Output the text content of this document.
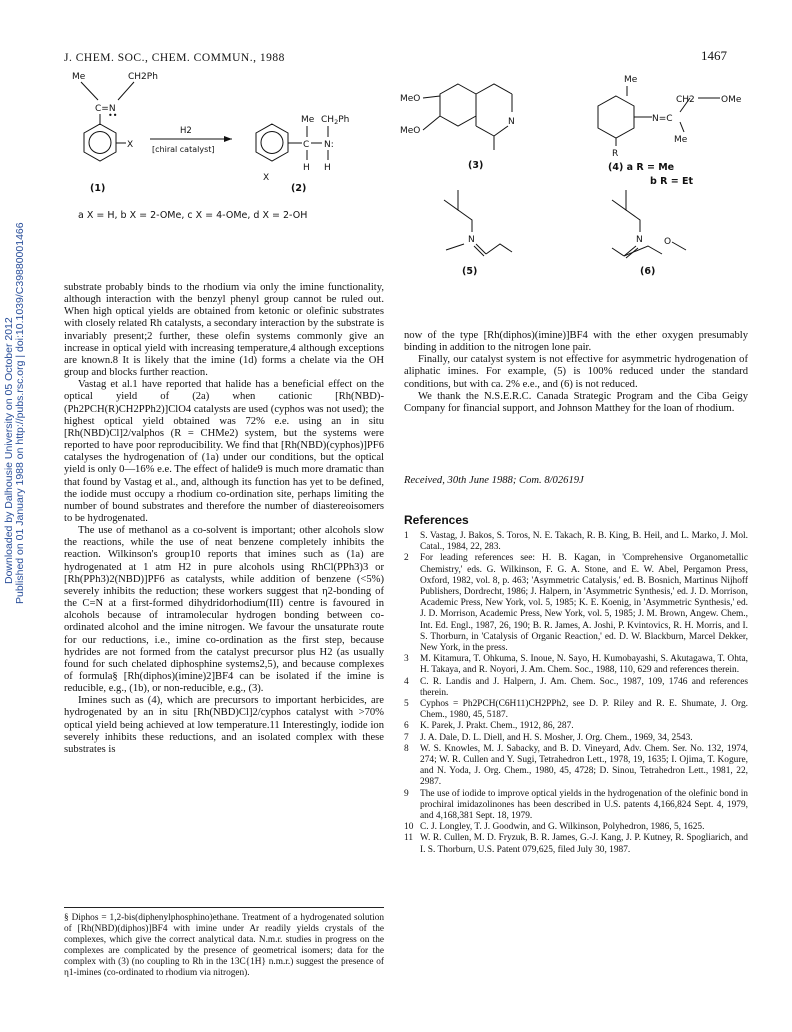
Downloaded by Dalhousie University on 05 October 2012 Published on 01 January 1988 on http://pubs.rsc.org | doi:10.1039/C39880001466
J. CHEM. SOC., CHEM. COMMUN., 1988	1467
Me	CH2Ph
C=N
••
X
(1)
H2
[chiral catalyst]	C N:
Me $CH_2Ph$
H H
X
(2)
a X = H, b X = 2-OMe, c X = 4-OMe, d X = 2-OH
MeO
MeO
N
(3)
Me
N=C
CH2	OMe
Me
R
(4) a R = Me
b R = Et
N
(5)
N O
(6)

substrate probably binds to the rhodium via only the imine functionality, although interaction with the benzyl phenyl group cannot be ruled out. When high optical yields are obtained from ketonic or olefinic substrates with closely related Rh catalysts, a secondary interaction by the substrate is invariably present;2 further, these olefin systems commonly give an increase in optical yield with increasing temperature,4 although exceptions are known.8 It is likely that the imine (1d) forms a chelate via the OH group and blocks further reaction.

Vastag et al.1 have reported that halide has a beneficial effect on the optical yield of (2a) when cationic [Rh(NBD)-(Ph2PCH(R)CH2PPh2)]ClO4 catalysts are used (cyphos was not used); the highest optical yield obtained was 72% e.e. using an in situ [Rh(NBD)Cl]2/valphos (R = CHMe2) system, but the systems were reported to have poor reproducibility. We find that [Rh(NBD)(cyphos)]PF6 catalyses the hydrogenation of (1a) under our conditions, but the optical yield is only 0—16% e.e. The effect of halide9 is much more dramatic than that found by Vastag et al., and, although its function has yet to be defined, the iodide must occupy a rhodium co-ordination site, perhaps limiting the number of bound substrates and therefore the number of diastereoisomers to be hydrogenated.

The use of methanol as a co-solvent is important; other alcohols slow the reactions, while the use of neat benzene completely inhibits the reaction. Wilkinson's group10 reports that imines such as (1a) are hydrogenated at 1 atm H2 in pure alcohols using RhCl(PPh3)3 or [Rh(PPh3)2(NBD)]PF6 as catalysts, while addition of benzene (<5%) severely inhibits the reduction; these workers suggest that η2-bonding of the C=N at a first-formed dihydridorhodium(III) centre is favoured in alcohols because of intramolecular hydrogen bonding between co-ordinated alcohol and the imine nitrogen. We favour the unsaturate route for our reductions, i.e., imine co-ordination as the first step, because hydrides are not formed from the catalyst precursor plus H2 (as usually found for such chelated diphosphine systems2,5), and because complexes of formula§ [Rh(diphos)(imine)2]BF4 can be isolated if the imine is reducible, e.g., (1b), or non-reducible, e.g., (3).

Imines such as (4), which are precursors to important herbicides, are hydrogenated by an in situ [Rh(NBD)Cl]2/cyphos catalyst with >70% optical yield being achieved at low temperature.11 Interestingly, iodide ion severely inhibits these reductions, and an isolated complex with these substrates is

§ Diphos = 1,2-bis(diphenylphosphino)ethane. Treatment of a hydrogenated solution of [Rh(NBD)(diphos)]BF4 with imine under Ar readily yields crystals of the complexes, which give the correct analytical data. N.m.r. studies in progress on the complexes are complicated by the presence of geometrical isomers; data for the complex with (3) (no coupling to Rh in the 13C{1H} n.m.r.) suggest the presence of η1-imines (co-ordinated to rhodium via nitrogen).

now of the type [Rh(diphos)(imine)]BF4 with the ether oxygen presumably binding in addition to the nitrogen lone pair.

Finally, our catalyst system is not effective for asymmetric hydrogenation of aliphatic imines. For example, (5) is 100% reduced under the standard conditions, but with ca. 2% e.e., and (6) is not reduced.

We thank the N.S.E.R.C. Canada Strategic Program and the Ciba Geigy Company for financial support, and Johnson Matthey for the loan of rhodium.

Received, 30th June 1988; Com. 8/02619J
References
1 S. Vastag, J. Bakos, S. Toros, N. E. Takach, R. B. King, B. Heil, and L. Marko, J. Mol. Catal., 1984, 22, 283.
2 For leading references see: H. B. Kagan, in 'Comprehensive Organometallic Chemistry,' eds. G. Wilkinson, F. G. A. Stone, and E. W. Abel, Pergamon Press, Oxford, 1982, vol. 8, p. 463; 'Asymmetric Catalysis,' ed. B. Bosnich, Martinus Nijhoff Publishers, Dordrecht, 1986; J. Halpern, in 'Asymmetric Synthesis,' ed. J. D. Morrison, Academic Press, New York, vol. 5, 1985; K. E. Koenig, in 'Asymmetric Synthesis,' ed. J. D. Morrison, Academic Press, New York, vol. 5, 1985; J. M. Brown, Angew. Chem., Int. Ed. Engl., 1987, 26, 190; B. R. James, A. Joshi, P. Kvintovics, R. H. Morris, and I. S. Thorburn, in 'Catalysis of Organic Reaction,' ed. D. W. Blackburn, Marcel Dekker, New York, in the press.
3 M. Kitamura, T. Ohkuma, S. Inoue, N. Sayo, H. Kumobayashi, S. Akutagawa, T. Ohta, H. Takaya, and R. Noyori, J. Am. Chem. Soc., 1988, 110, 629 and references therein.
4 C. R. Landis and J. Halpern, J. Am. Chem. Soc., 1987, 109, 1746 and references therein.
5 Cyphos = Ph2PCH(C6H11)CH2PPh2, see D. P. Riley and R. E. Shumate, J. Org. Chem., 1980, 45, 5187.
6 K. Parek, J. Prakt. Chem., 1912, 86, 287.
7 J. A. Dale, D. L. Diell, and H. S. Mosher, J. Org. Chem., 1969, 34, 2543.
8 W. S. Knowles, M. J. Sabacky, and B. D. Vineyard, Adv. Chem. Ser. No. 132, 1974, 274; W. R. Cullen and Y. Sugi, Tetrahedron Lett., 1978, 19, 1635; I. Ojima, T. Kogure, and N. Yoda, J. Org. Chem., 1980, 45, 4728; D. Sinou, Tetrahedron Lett., 1981, 22, 2987.
9 The use of iodide to improve optical yields in the hydrogenation of the olefinic bond in prochiral imidazolinones has been described in U.S. patents 4,166,824 Sept. 4, 1979, and 4,168,381 Sept. 18, 1979.
10 C. J. Longley, T. J. Goodwin, and G. Wilkinson, Polyhedron, 1986, 5, 1625.
11 W. R. Cullen, M. D. Fryzuk, B. R. James, G.-J. Kang, J. P. Kutney, R. Spogliarich, and I. S. Thorburn, U.S. Patent 079,625, filed July 30, 1987.
